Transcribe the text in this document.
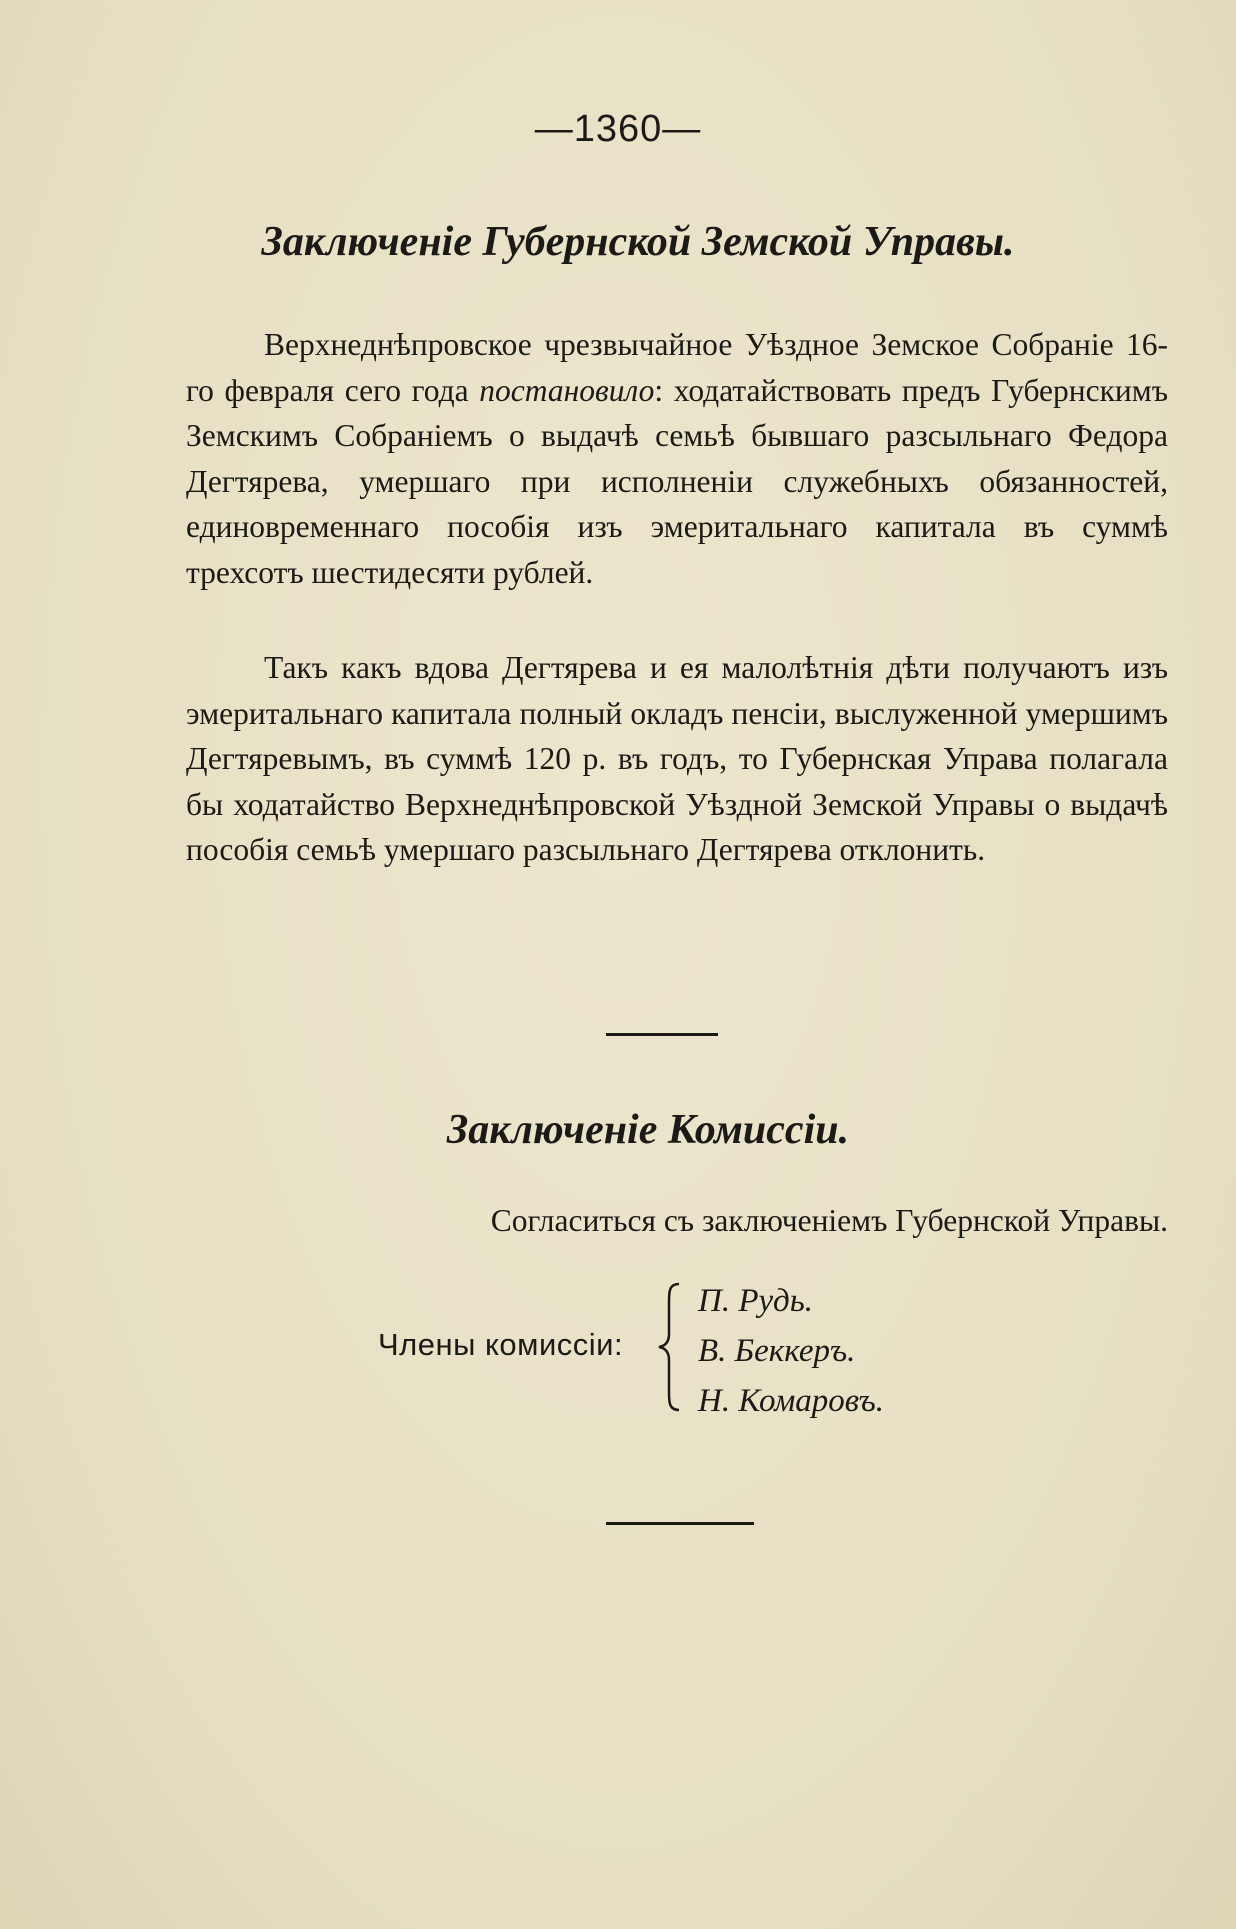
—1360—
Заключеніе Губернской Земской Управы.

Верхнеднѣпровское чрезвычайное Уѣздное Земское Собраніе 16-го февраля сего года постановило: ходатайствовать предъ Губернскимъ Земскимъ Собраніемъ о выдачѣ семьѣ бывшаго разсыльнаго Федора Дегтярева, умершаго при исполненіи служебныхъ обязанностей, единовременнаго пособія изъ эмеритальнаго капитала въ суммѣ трехсотъ шестидесяти рублей.

Такъ какъ вдова Дегтярева и ея малолѣтнія дѣти получаютъ изъ эмеритальнаго капитала полный окладъ пенсіи, выслуженной умершимъ Дегтяревымъ, въ суммѣ 120 р. въ годъ, то Губернская Управа полагала бы ходатайство Верхнеднѣпровской Уѣздной Земской Управы о выдачѣ пособія семьѣ умершаго разсыльнаго Дегтярева отклонить.

Заключеніе Комиссіи.
Согласиться съ заключеніемъ Губернской Управы.
Члены комиссіи:
П. Рудь.
В. Беккеръ.
Н. Комаровъ.
